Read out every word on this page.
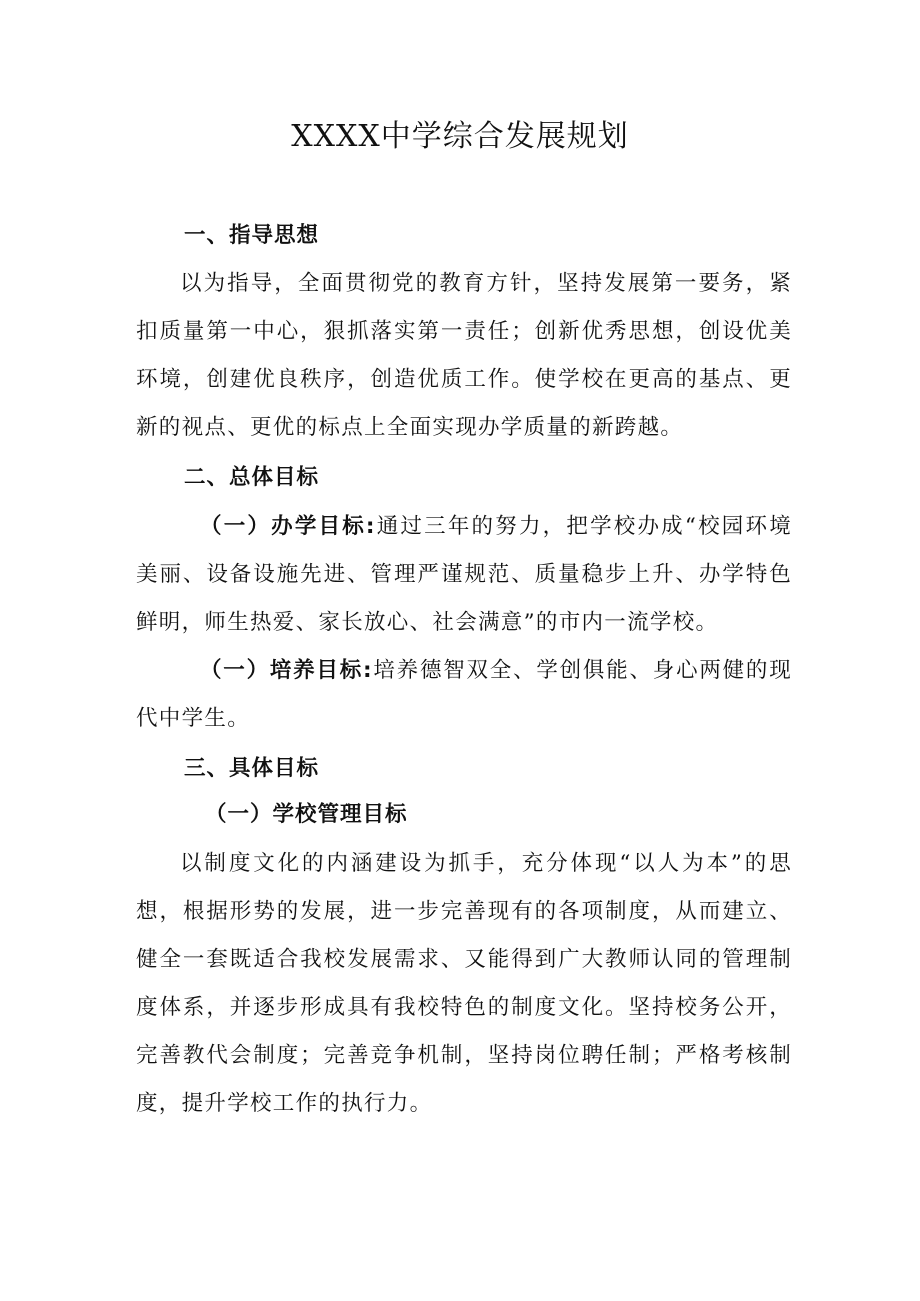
XXXX中学综合发展规划
一、指导思想
以为指导，全面贯彻党的教育方针，坚持发展第一要务，紧
扣质量第一中心，狠抓落实第一责任；创新优秀思想，创设优美
环境，创建优良秩序，创造优质工作。使学校在更高的基点、更
新的视点、更优的标点上全面实现办学质量的新跨越。
二、总体目标
（一）办学目标:通过三年的努力，把学校办成“校园环境
美丽、设备设施先进、管理严谨规范、质量稳步上升、办学特色
鲜明，师生热爱、家长放心、社会满意”的市内一流学校。
（一）培养目标:培养德智双全、学创俱能、身心两健的现
代中学生。
三、具体目标
（一）学校管理目标
以制度文化的内涵建设为抓手，充分体现“以人为本”的思
想，根据形势的发展，进一步完善现有的各项制度，从而建立、
健全一套既适合我校发展需求、又能得到广大教师认同的管理制
度体系，并逐步形成具有我校特色的制度文化。坚持校务公开，
完善教代会制度；完善竞争机制，坚持岗位聘任制；严格考核制
度，提升学校工作的执行力。
